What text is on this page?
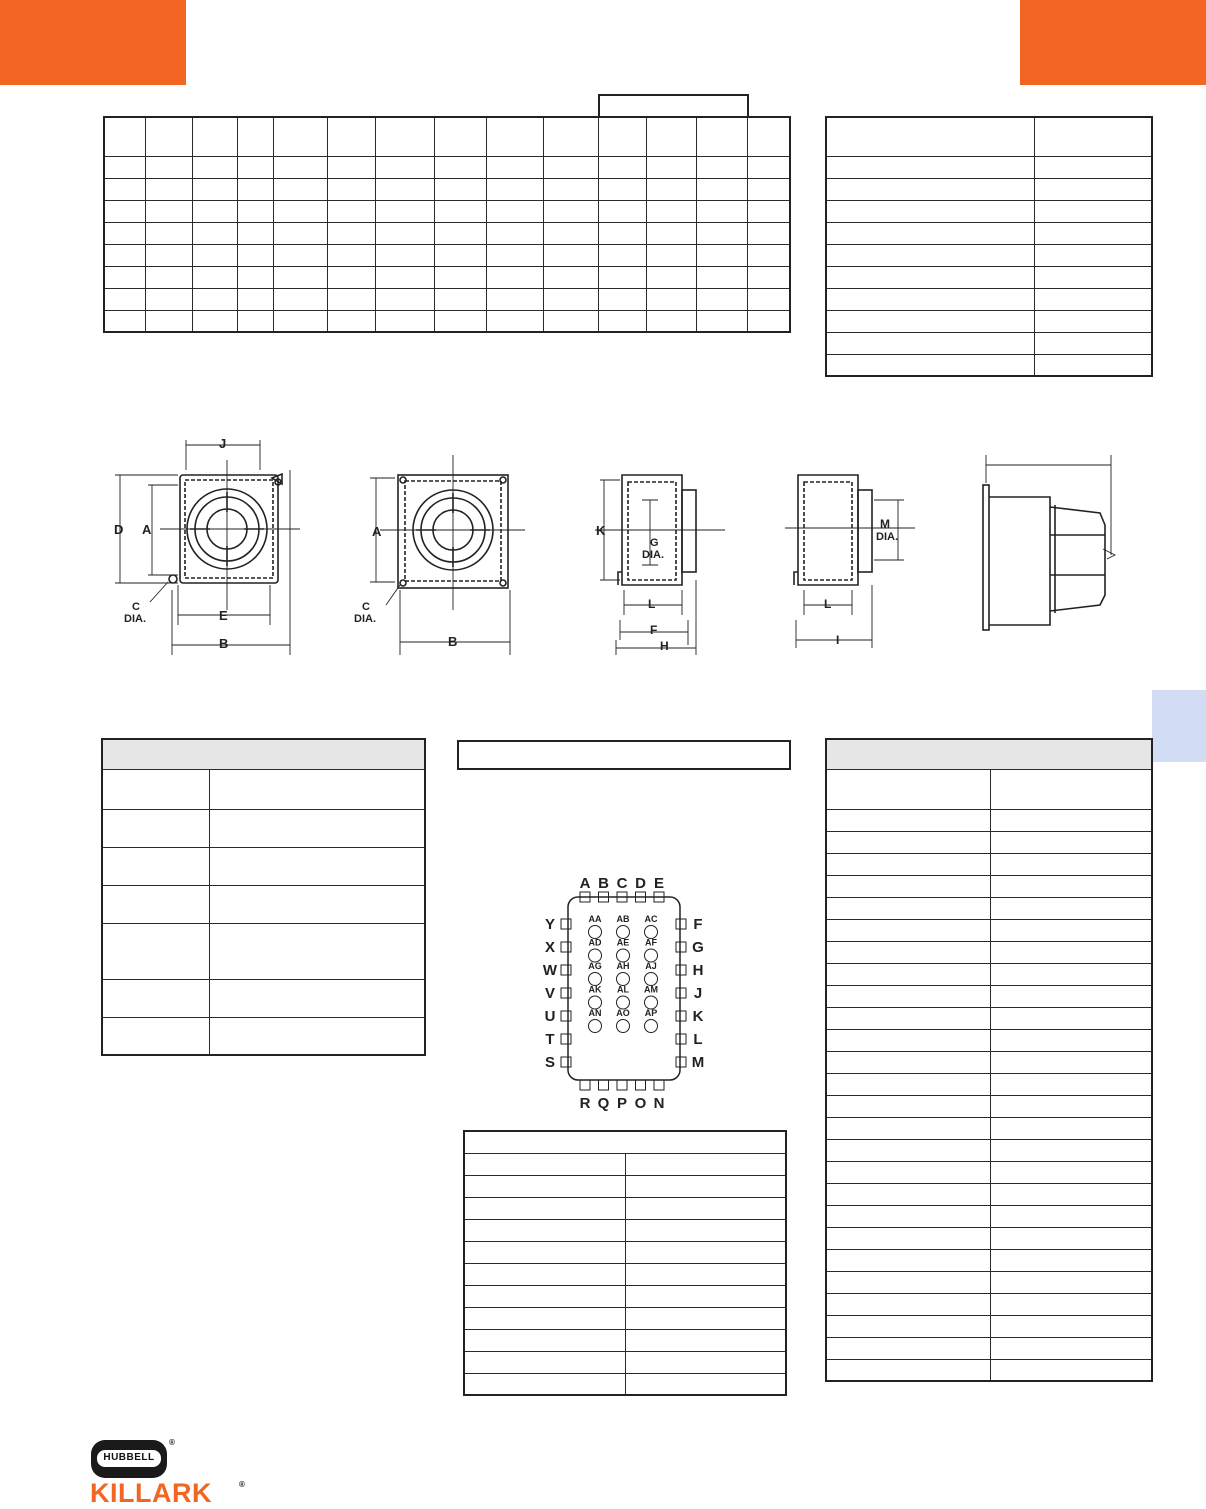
J
D A
C
DIA.	E
B
A
C
DIA.
B
K
G
DIA.
L
F
H
M
DIA.
L
I

A B C D E
R Q P O N
Y
X
W
V
U
T
S
F
G
H
J
K
L
M
AA AB AC
AD AE AF
AG AH AJ
AK AL AM
AN AO AP

HUBBELL
®
KILLARK	®
